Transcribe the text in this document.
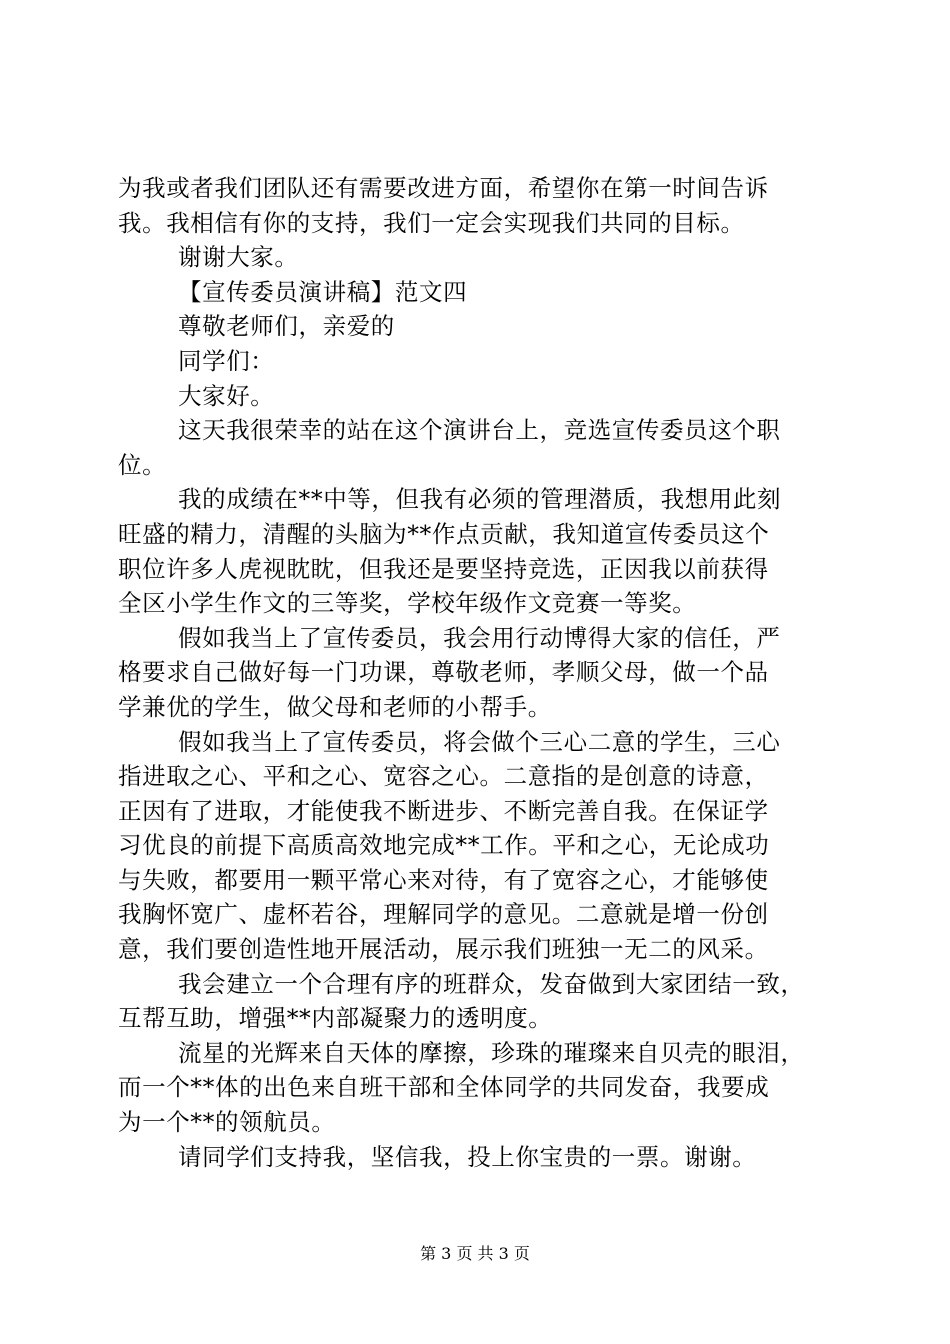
为我或者我们团队还有需要改进方面，希望你在第一时间告诉
我。我相信有你的支持，我们一定会实现我们共同的目标。
谢谢大家。
【宣传委员演讲稿】范文四
尊敬老师们，亲爱的
同学们：
大家好。
这天我很荣幸的站在这个演讲台上，竞选宣传委员这个职
位。
我的成绩在**中等，但我有必须的管理潜质，我想用此刻
旺盛的精力，清醒的头脑为**作点贡献，我知道宣传委员这个
职位许多人虎视眈眈，但我还是要坚持竞选，正因我以前获得
全区小学生作文的三等奖，学校年级作文竞赛一等奖。
假如我当上了宣传委员，我会用行动博得大家的信任，严
格要求自己做好每一门功课，尊敬老师，孝顺父母，做一个品
学兼优的学生，做父母和老师的小帮手。
假如我当上了宣传委员，将会做个三心二意的学生，三心
指进取之心、平和之心、宽容之心。二意指的是创意的诗意，
正因有了进取，才能使我不断进步、不断完善自我。在保证学
习优良的前提下高质高效地完成**工作。平和之心，无论成功
与失败，都要用一颗平常心来对待，有了宽容之心，才能够使
我胸怀宽广、虚杯若谷，理解同学的意见。二意就是增一份创
意，我们要创造性地开展活动，展示我们班独一无二的风采。
我会建立一个合理有序的班群众，发奋做到大家团结一致，
互帮互助，增强**内部凝聚力的透明度。
流星的光辉来自天体的摩擦，珍珠的璀璨来自贝壳的眼泪，
而一个**体的出色来自班干部和全体同学的共同发奋，我要成
为一个**的领航员。
请同学们支持我，坚信我，投上你宝贵的一票。谢谢。
第 3 页 共 3 页
